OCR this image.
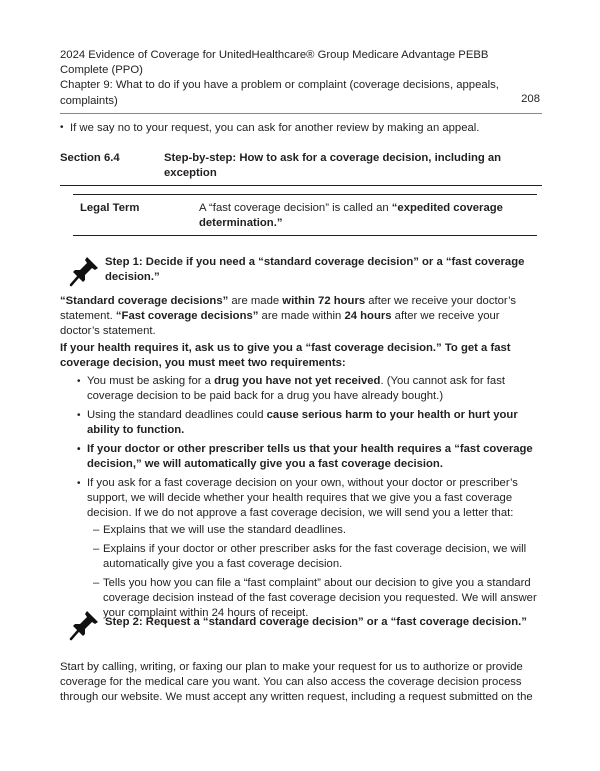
2024 Evidence of Coverage for UnitedHealthcare® Group Medicare Advantage PEBB Complete (PPO)
Chapter 9: What to do if you have a problem or complaint (coverage decisions, appeals, complaints)	208
• If we say no to your request, you can ask for another review by making an appeal.
Section 6.4	Step-by-step: How to ask for a coverage decision, including an exception
Legal Term	A “fast coverage decision” is called an “expedited coverage determination.”
Step 1: Decide if you need a “standard coverage decision” or a “fast coverage decision.”
“Standard coverage decisions” are made within 72 hours after we receive your doctor’s statement. “Fast coverage decisions” are made within 24 hours after we receive your doctor’s statement.
If your health requires it, ask us to give you a “fast coverage decision.” To get a fast coverage decision, you must meet two requirements:
• You must be asking for a drug you have not yet received. (You cannot ask for fast coverage decision to be paid back for a drug you have already bought.)
• Using the standard deadlines could cause serious harm to your health or hurt your ability to function.
• If your doctor or other prescriber tells us that your health requires a “fast coverage decision,” we will automatically give you a fast coverage decision.
• If you ask for a fast coverage decision on your own, without your doctor or prescriber’s support, we will decide whether your health requires that we give you a fast coverage decision. If we do not approve a fast coverage decision, we will send you a letter that:
– Explains that we will use the standard deadlines.
– Explains if your doctor or other prescriber asks for the fast coverage decision, we will automatically give you a fast coverage decision.
– Tells you how you can file a “fast complaint” about our decision to give you a standard coverage decision instead of the fast coverage decision you requested. We will answer your complaint within 24 hours of receipt.
Step 2: Request a “standard coverage decision” or a “fast coverage decision.”
Start by calling, writing, or faxing our plan to make your request for us to authorize or provide coverage for the medical care you want. You can also access the coverage decision process through our website. We must accept any written request, including a request submitted on the
